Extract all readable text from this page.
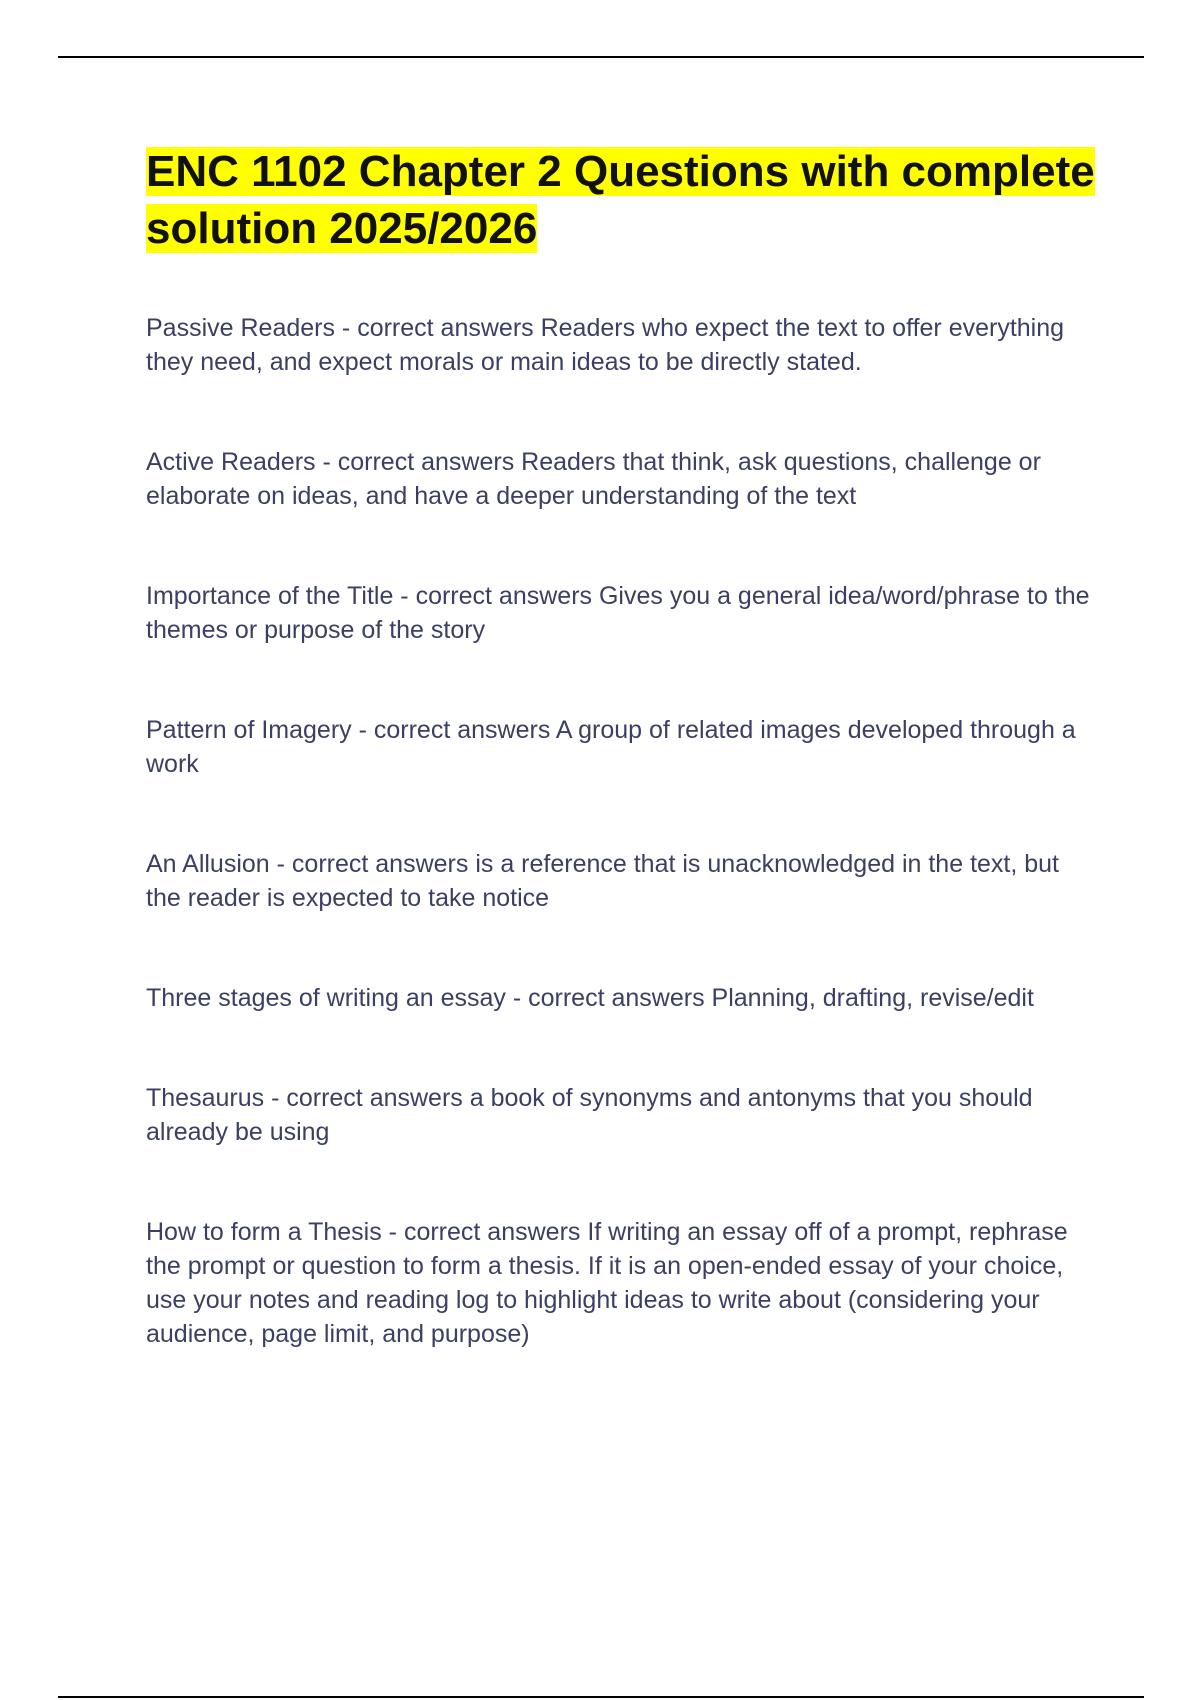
ENC 1102 Chapter 2 Questions with complete solution 2025/2026

Passive Readers - correct answers Readers who expect the text to offer everything they need, and expect morals or main ideas to be directly stated.

Active Readers - correct answers Readers that think, ask questions, challenge or elaborate on ideas, and have a deeper understanding of the text

Importance of the Title - correct answers Gives you a general idea/word/phrase to the themes or purpose of the story

Pattern of Imagery - correct answers A group of related images developed through a work

An Allusion - correct answers is a reference that is unacknowledged in the text, but the reader is expected to take notice

Three stages of writing an essay - correct answers Planning, drafting, revise/edit

Thesaurus - correct answers a book of synonyms and antonyms that you should already be using

How to form a Thesis - correct answers If writing an essay off of a prompt, rephrase the prompt or question to form a thesis. If it is an open-ended essay of your choice, use your notes and reading log to highlight ideas to write about (considering your audience, page limit, and purpose)
